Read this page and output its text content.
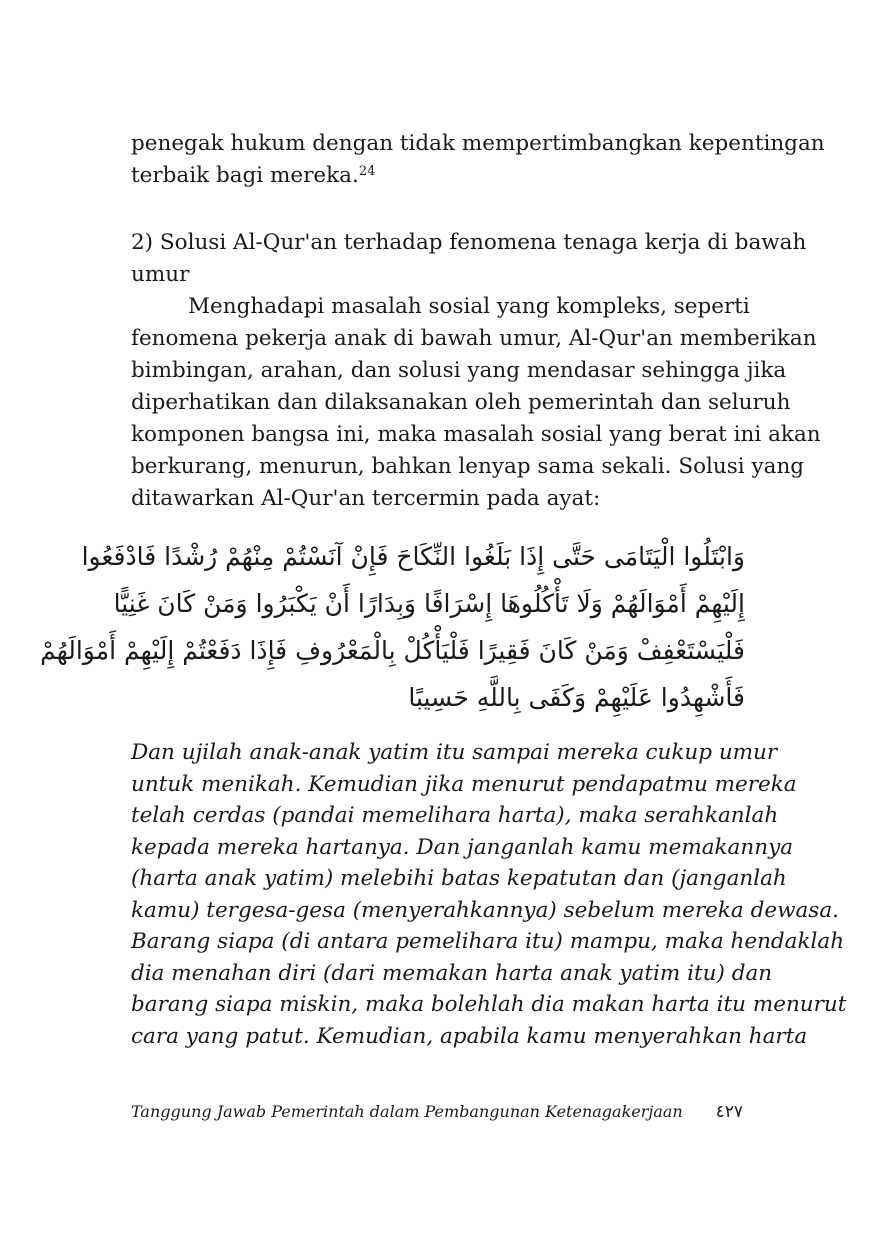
penegak hukum dengan tidak mempertimbangkan kepentingan
terbaik bagi mereka.$^{24}$
2) Solusi Al-Qur'an terhadap fenomena tenaga kerja di bawah
umur
Menghadapi masalah sosial yang kompleks, seperti
fenomena pekerja anak di bawah umur, Al-Qur'an memberikan
bimbingan, arahan, dan solusi yang mendasar sehingga jika
diperhatikan dan dilaksanakan oleh pemerintah dan seluruh
komponen bangsa ini, maka masalah sosial yang berat ini akan
berkurang, menurun, bahkan lenyap sama sekali. Solusi yang
ditawarkan Al-Qur'an tercermin pada ayat:
وَابْتَلُوا الْيَتَامَى حَتَّى إِذَا بَلَغُوا النِّكَاحَ فَإِنْ آنَسْتُمْ مِنْهُمْ رُشْدًا فَادْفَعُوا
إِلَيْهِمْ أَمْوَالَهُمْ وَلَا تَأْكُلُوهَا إِسْرَافًا وَبِدَارًا أَنْ يَكْبَرُوا وَمَنْ كَانَ غَنِيًّا
فَلْيَسْتَعْفِفْ وَمَنْ كَانَ فَقِيرًا فَلْيَأْكُلْ بِالْمَعْرُوفِ فَإِذَا دَفَعْتُمْ إِلَيْهِمْ أَمْوَالَهُمْ
فَأَشْهِدُوا عَلَيْهِمْ وَكَفَى بِاللَّهِ حَسِيبًا
Dan ujilah anak-anak yatim itu sampai mereka cukup umur
untuk menikah. Kemudian jika menurut pendapatmu mereka
telah cerdas (pandai memelihara harta), maka serahkanlah
kepada mereka hartanya. Dan janganlah kamu memakannya
(harta anak yatim) melebihi batas kepatutan dan (janganlah
kamu) tergesa-gesa (menyerahkannya) sebelum mereka dewasa.
Barang siapa (di antara pemelihara itu) mampu, maka hendaklah
dia menahan diri (dari memakan harta anak yatim itu) dan
barang siapa miskin, maka bolehlah dia makan harta itu menurut
cara yang patut. Kemudian, apabila kamu menyerahkan harta
Tanggung Jawab Pemerintah dalam Pembangunan Ketenagakerjaan ٤٢٧
